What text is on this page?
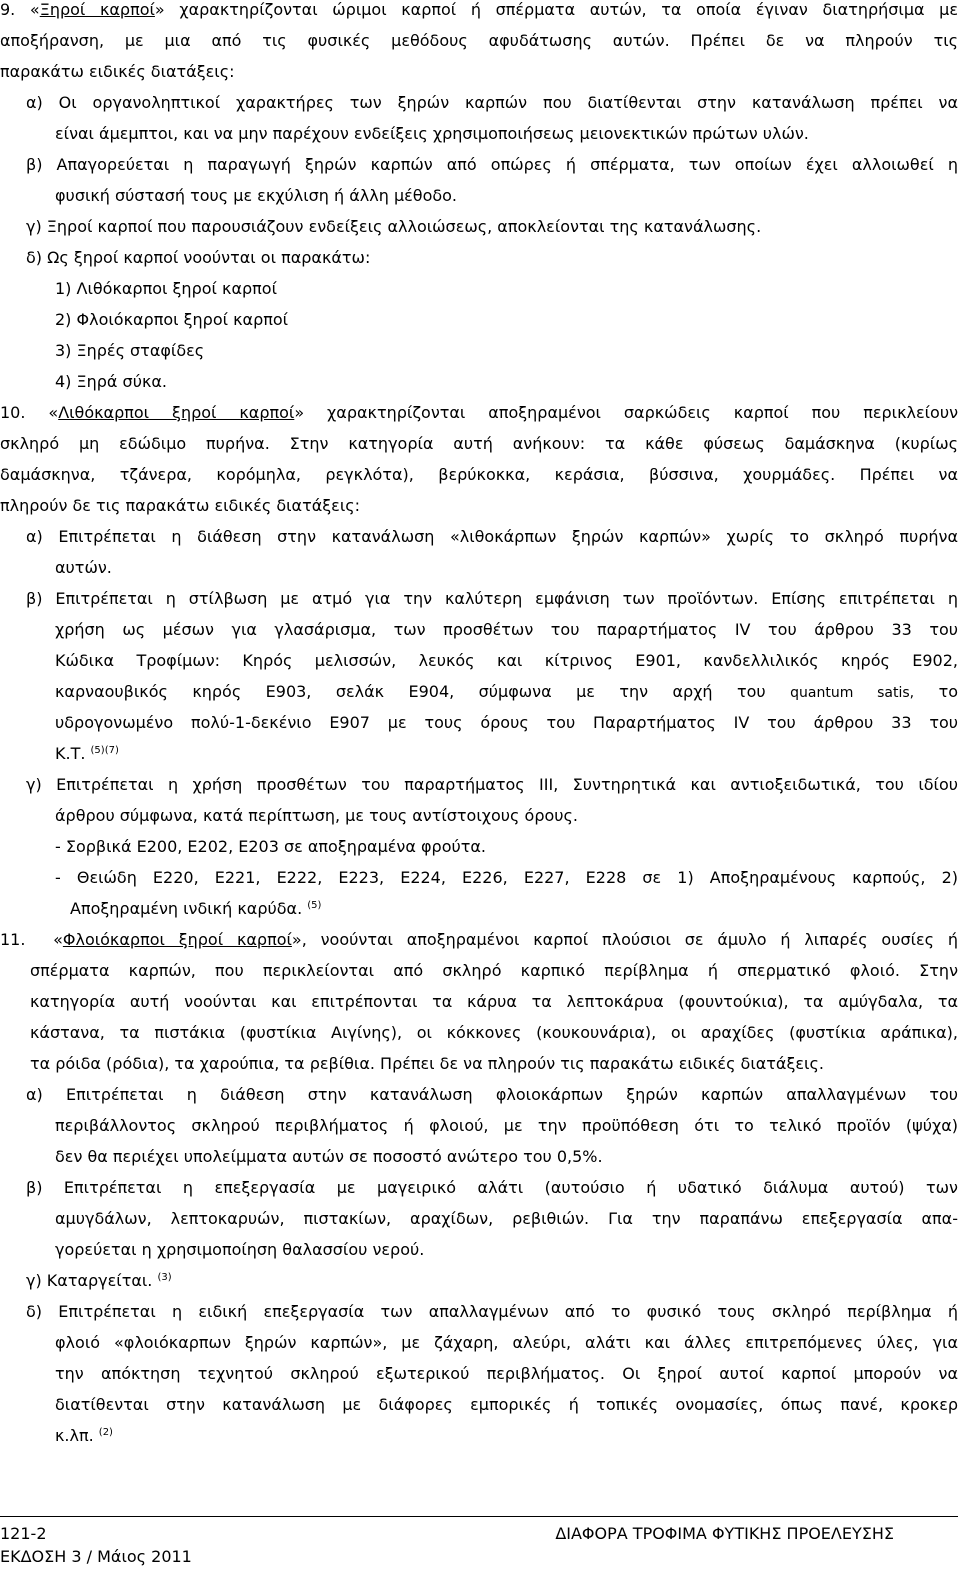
9. «Ξηροί καρποί» χαρακτηρίζονται ώριμοι καρποί ή σπέρματα αυτών, τα οποία έγιναν διατηρήσιμα με
αποξήρανση, με μια από τις φυσικές μεθόδους αφυδάτωσης αυτών. Πρέπει δε να πληρούν τις
παρακάτω ειδικές διατάξεις:
α) Οι οργανοληπτικοί χαρακτήρες των ξηρών καρπών που διατίθενται στην κατανάλωση πρέπει να
είναι άμεμπτοι, και να μην παρέχουν ενδείξεις χρησιμοποιήσεως μειονεκτικών πρώτων υλών.
β) Απαγορεύεται η παραγωγή ξηρών καρπών από οπώρες ή σπέρματα, των οποίων έχει αλλοιωθεί η
φυσική σύστασή τους με εκχύλιση ή άλλη μέθοδο.
γ) Ξηροί καρποί που παρουσιάζουν ενδείξεις αλλοιώσεως, αποκλείονται της κατανάλωσης.
δ) Ως ξηροί καρποί νοούνται οι παρακάτω:
1) Λιθόκαρποι ξηροί καρποί
2) Φλοιόκαρποι ξηροί καρποί
3) Ξηρές σταφίδες
4) Ξηρά σύκα.
10. «Λιθόκαρποι ξηροί καρποί» χαρακτηρίζονται αποξηραμένοι σαρκώδεις καρποί που περικλείουν
σκληρό μη εδώδιμο πυρήνα. Στην κατηγορία αυτή ανήκουν: τα κάθε φύσεως δαμάσκηνα (κυρίως
δαμάσκηνα, τζάνερα, κορόμηλα, ρεγκλότα), βερύκοκκα, κεράσια, βύσσινα, χουρμάδες. Πρέπει να
πληρούν δε τις παρακάτω ειδικές διατάξεις:
α) Επιτρέπεται η διάθεση στην κατανάλωση «λιθοκάρπων ξηρών καρπών» χωρίς το σκληρό πυρήνα
αυτών.
β) Επιτρέπεται η στίλβωση με ατμό για την καλύτερη εμφάνιση των προϊόντων. Επίσης επιτρέπεται η
χρήση ως μέσων για γλασάρισμα, των προσθέτων του παραρτήματος IV του άρθρου 33 του
Κώδικα Τροφίμων: Κηρός μελισσών, λευκός και κίτρινος Ε901, κανδελλιλικός κηρός Ε902,
καρναουβικός κηρός Ε903, σελάκ Ε904, σύμφωνα με την αρχή του quantum satis, το
υδρογονωμένο πολύ-1-δεκένιο Ε907 με τους όρους του Παραρτήματος IV του άρθρου 33 του
Κ.Τ. $^{(5)(7)}$
γ) Επιτρέπεται η χρήση προσθέτων του παραρτήματος III, Συντηρητικά και αντιοξειδωτικά, του ιδίου
άρθρου σύμφωνα, κατά περίπτωση, με τους αντίστοιχους όρους.
- Σορβικά Ε200, Ε202, Ε203 σε αποξηραμένα φρούτα.
- Θειώδη Ε220, Ε221, Ε222, Ε223, Ε224, Ε226, Ε227, Ε228 σε 1) Αποξηραμένους καρπούς, 2)
Αποξηραμένη ινδική καρύδα. $^{(5)}$
11. «Φλοιόκαρποι ξηροί καρποί», νοούνται αποξηραμένοι καρποί πλούσιοι σε άμυλο ή λιπαρές ουσίες ή
σπέρματα καρπών, που περικλείονται από σκληρό καρπικό περίβλημα ή σπερματικό φλοιό. Στην
κατηγορία αυτή νοούνται και επιτρέπονται τα κάρυα τα λεπτοκάρυα (φουντούκια), τα αμύγδαλα, τα
κάστανα, τα πιστάκια (φυστίκια Αιγίνης), οι κόκκονες (κουκουνάρια), οι αραχίδες (φυστίκια αράπικα),
τα ρόιδα (ρόδια), τα χαρούπια, τα ρεβίθια. Πρέπει δε να πληρούν τις παρακάτω ειδικές διατάξεις.
α) Επιτρέπεται η διάθεση στην κατανάλωση φλοιοκάρπων ξηρών καρπών απαλλαγμένων του
περιβάλλοντος σκληρού περιβλήματος ή φλοιού, με την προϋπόθεση ότι το τελικό προϊόν (ψύχα)
δεν θα περιέχει υπολείμματα αυτών σε ποσοστό ανώτερο του 0,5%.
β) Επιτρέπεται η επεξεργασία με μαγειρικό αλάτι (αυτούσιο ή υδατικό διάλυμα αυτού) των
αμυγδάλων, λεπτοκαρυών, πιστακίων, αραχίδων, ρεβιθιών. Για την παραπάνω επεξεργασία απα-
γορεύεται η χρησιμοποίηση θαλασσίου νερού.
γ) Καταργείται. $^{(3)}$
δ) Επιτρέπεται η ειδική επεξεργασία των απαλλαγμένων από το φυσικό τους σκληρό περίβλημα ή
φλοιό «φλοιόκαρπων ξηρών καρπών», με ζάχαρη, αλεύρι, αλάτι και άλλες επιτρεπόμενες ύλες, για
την απόκτηση τεχνητού σκληρού εξωτερικού περιβλήματος. Οι ξηροί αυτοί καρποί μπορούν να
διατίθενται στην κατανάλωση με διάφορες εμπορικές ή τοπικές ονομασίες, όπως πανέ, κροκερ
κ.λπ. $^{(2)}$
121-2	ΔΙΑΦΟΡΑ ΤΡΟΦΙΜΑ ΦΥΤΙΚΗΣ ΠΡΟΕΛΕΥΣΗΣ
ΕΚΔΟΣΗ 3 / Μάιος 2011
